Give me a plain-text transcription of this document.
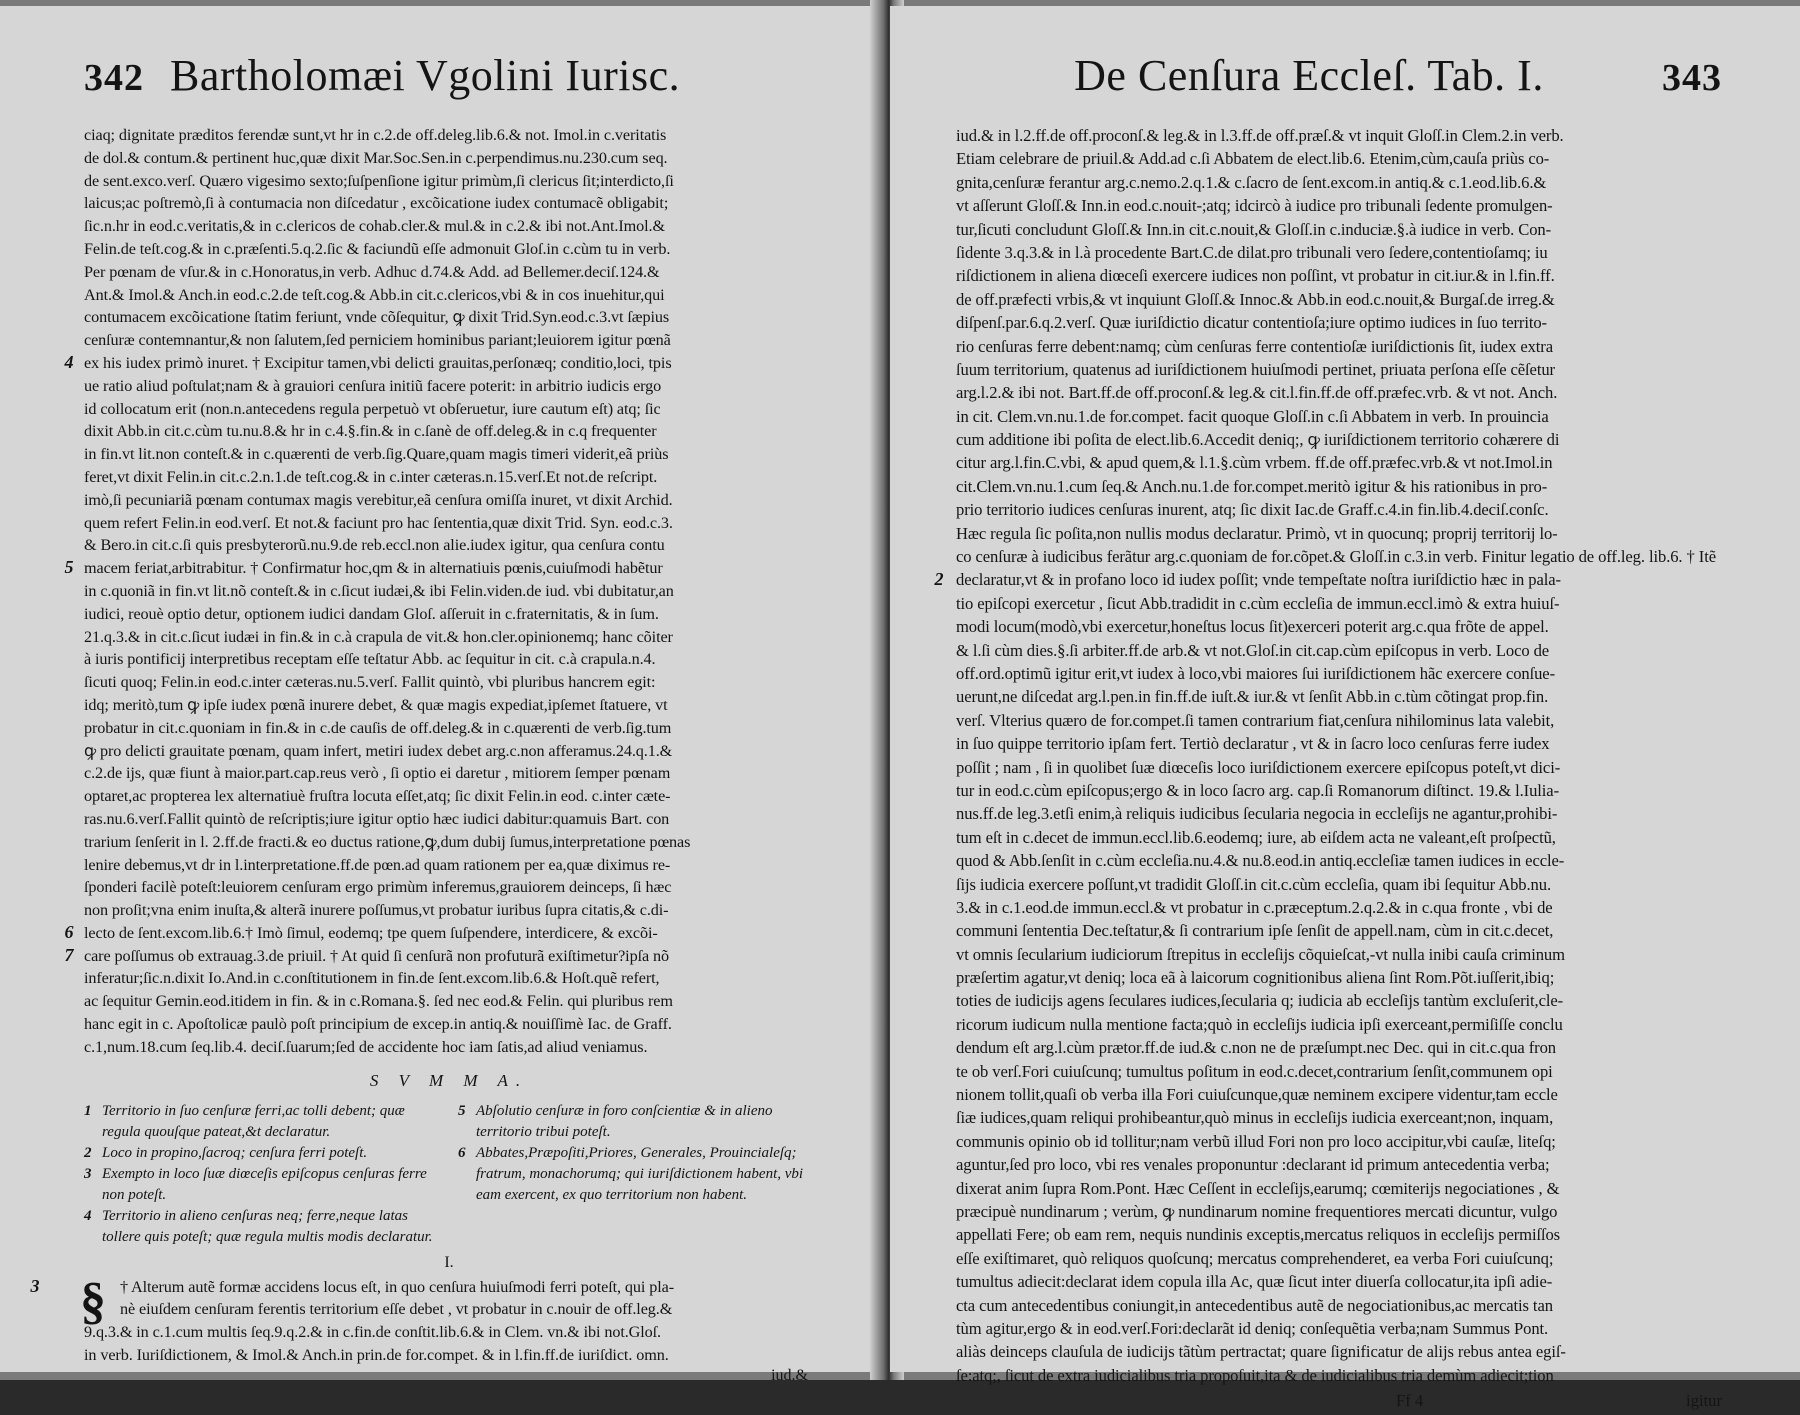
342 Bartholomæi Vgolini Iurisc.
ciaq; dignitate præditos ferendæ sunt,vt hr in c.2.de off.deleg.lib.6.& not. Imol.in c.veritatis
de dol.& contum.& pertinent huc,quæ dixit Mar.Soc.Sen.in c.perpendimus.nu.230.cum seq.
de sent.exco.verſ. Quæro vigesimo sexto;ſuſpenſione igitur primùm,ſi clericus ſit;interdicto,ſi
laicus;ac poſtremò,ſi à contumacia non diſcedatur , excõicatione iudex contumacẽ obligabit;
ſic.n.hr in eod.c.veritatis,& in c.clericos de cohab.cler.& mul.& in c.2.& ibi not.Ant.Imol.&
Felin.de teſt.cog.& in c.præſenti.5.q.2.ſic & faciundũ eſſe admonuit Gloſ.in c.cùm tu in verb.
Per pœnam de vſur.& in c.Honoratus,in verb. Adhuc d.74.& Add. ad Bellemer.deciſ.124.&
Ant.& Imol.& Anch.in eod.c.2.de teſt.cog.& Abb.in cit.c.clericos,vbi & in cos inuehitur,qui
contumacem excõicatione ſtatim feriunt, vnde cõſequitur, ꝙ dixit Trid.Syn.eod.c.3.vt ſæpius
cenſuræ contemnantur,& non ſalutem,ſed perniciem hominibus pariant;leuiorem igitur pœnã
ex his iudex primò inuret. † Excipitur tamen,vbi delicti grauitas,perſonæq; conditio,loci, tpis
ue ratio aliud poſtulat;nam & à grauiori cenſura initiũ facere poterit: in arbitrio iudicis ergo
id collocatum erit (non.n.antecedens regula perpetuò vt obſeruetur, iure cautum eſt) atq; ſic
dixit Abb.in cit.c.cùm tu.nu.8.& hr in c.4.§.fin.& in c.ſanè de off.deleg.& in c.q frequenter
in fin.vt lit.non conteſt.& in c.quærenti de verb.ſig.Quare,quam magis timeri viderit,eã priùs
feret,vt dixit Felin.in cit.c.2.n.1.de teſt.cog.& in c.inter cæteras.n.15.verſ.Et not.de reſcript.
imò,ſi pecuniariã pœnam contumax magis verebitur,eã cenſura omiſſa inuret, vt dixit Archid.
quem refert Felin.in eod.verſ. Et not.& faciunt pro hac ſententia,quæ dixit Trid. Syn. eod.c.3.
& Bero.in cit.c.ſi quis presbyterorũ.nu.9.de reb.eccl.non alie.iudex igitur, qua cenſura contu
macem feriat,arbitrabitur. † Confirmatur hoc,qm & in alternatiuis pœnis,cuiuſmodi habẽtur
in c.quoniã in fin.vt lit.nõ conteſt.& in c.ſicut iudæi,& ibi Felin.viden.de iud. vbi dubitatur,an
iudici, reouè optio detur, optionem iudici dandam Gloſ. aſſeruit in c.fraternitatis, & in ſum.
21.q.3.& in cit.c.ſicut iudæi in fin.& in c.à crapula de vit.& hon.cler.opinionemq; hanc cõiter
à iuris pontificij interpretibus receptam eſſe teſtatur Abb. ac ſequitur in cit. c.à crapula.n.4.
ſicuti quoq; Felin.in eod.c.inter cæteras.nu.5.verſ. Fallit quintò, vbi pluribus hancrem egit:
idq; meritò,tum ꝙ ipſe iudex pœnã inurere debet, & quæ magis expediat,ipſemet ſtatuere, vt
probatur in cit.c.quoniam in fin.& in c.de cauſis de off.deleg.& in c.quærenti de verb.ſig.tum
ꝙ pro delicti grauitate pœnam, quam infert, metiri iudex debet arg.c.non afferamus.24.q.1.&
c.2.de ijs, quæ fiunt à maior.part.cap.reus verò , ſi optio ei daretur , mitiorem ſemper pœnam
optaret,ac propterea lex alternatiuè fruſtra locuta eſſet,atq; ſic dixit Felin.in eod. c.inter cæte-
ras.nu.6.verſ.Fallit quintò de reſcriptis;iure igitur optio hæc iudici dabitur:quamuis Bart. con
trarium ſenſerit in l. 2.ff.de fracti.& eo ductus ratione,ꝙ,dum dubij ſumus,interpretatione pœnas
lenire debemus,vt dr in l.interpretatione.ff.de pœn.ad quam rationem per ea,quæ diximus re-
ſponderi facilè poteſt:leuiorem cenſuram ergo primùm inferemus,grauiorem deinceps, ſi hæc
non proſit;vna enim inuſta,& alterã inurere poſſumus,vt probatur iuribus ſupra citatis,& c.di-
lecto de ſent.excom.lib.6.† Imò ſimul, eodemq; tpe quem ſuſpendere, interdicere, & excõi-
care poſſumus ob extrauag.3.de priuil. † At quid ſi cenſurã non profuturã exiſtimetur?ipſa nõ
inferatur;ſic.n.dixit Io.And.in c.conſtitutionem in fin.de ſent.excom.lib.6.& Hoſt.quẽ refert,
ac ſequitur Gemin.eod.itidem in fin. & in c.Romana.§. ſed nec eod.& Felin. qui pluribus rem
hanc egit in c. Apoſtolicæ paulò poſt principium de excep.in antiq.& nouiſſimè Iac. de Graff.
c.1,num.18.cum ſeq.lib.4. deciſ.ſuarum;ſed de accidente hoc iam ſatis,ad aliud veniamus.
4
5
6
7
S V M M A.
1 Territorio in ſuo cenſuræ ferri,ac tolli debent; quæ regula quouſque pateat,&t declaratur.
2 Loco in propino,ſacroq; cenſura ferri poteſt.
3 Exempto in loco ſuæ diœceſis epiſcopus cenſuras ferre non poteſt.
4 Territorio in alieno cenſuras neq; ferre,neque latas tollere quis poteſt; quæ regula multis modis declaratur.
5 Abſolutio cenſuræ in foro conſcientiæ & in alieno territorio tribui poteſt.
6 Abbates,Præpoſiti,Priores, Generales, Prouincialeſq; fratrum, monachorumq; qui iuriſdictionem habent, vbi eam exercent, ex quo territorium non habent.
I.
3 § † Alterum autẽ formæ accidens locus eſt, in quo cenſura huiuſmodi ferri poteſt, qui pla-
nè eiuſdem cenſuram ferentis territorium eſſe debet , vt probatur in c.nouir de off.leg.&
9.q.3.& in c.1.cum multis ſeq.9.q.2.& in c.fin.de conſtit.lib.6.& in Clem. vn.& ibi not.Gloſ.
in verb. Iuriſdictionem, & Imol.& Anch.in prin.de for.compet. & in l.fin.ff.de iuriſdict. omn.
iud.&
De Cenſura Eccleſ. Tab. I.	343
iud.& in l.2.ff.de off.proconſ.& leg.& in l.3.ff.de off.præſ.& vt inquit Gloſſ.in Clem.2.in verb.
Etiam celebrare de priuil.& Add.ad c.ſi Abbatem de elect.lib.6. Etenim,cùm,cauſa priùs co-
gnita,cenſuræ ferantur arg.c.nemo.2.q.1.& c.ſacro de ſent.excom.in antiq.& c.1.eod.lib.6.&
vt aſſerunt Gloſſ.& Inn.in eod.c.nouit-;atq; idcircò à iudice pro tribunali ſedente promulgen-
tur,ſicuti concludunt Gloſſ.& Inn.in cit.c.nouit,& Gloſſ.in c.induciæ.§.à iudice in verb. Con-
ſidente 3.q.3.& in l.à procedente Bart.C.de dilat.pro tribunali vero ſedere,contentioſamq; iu
riſdictionem in aliena diœceſi exercere iudices non poſſint, vt probatur in cit.iur.& in l.fin.ff.
de off.præfecti vrbis,& vt inquiunt Gloſſ.& Innoc.& Abb.in eod.c.nouit,& Burgaſ.de irreg.&
diſpenſ.par.6.q.2.verſ. Quæ iuriſdictio dicatur contentioſa;iure optimo iudices in ſuo territo-
rio cenſuras ferre debent:namq; cùm cenſuras ferre contentioſæ iuriſdictionis ſit, iudex extra
ſuum territorium, quatenus ad iuriſdictionem huiuſmodi pertinet, priuata perſona eſſe cẽſetur
arg.l.2.& ibi not. Bart.ff.de off.proconſ.& leg.& cit.l.fin.ff.de off.præfec.vrb. & vt not. Anch.
in cit. Clem.vn.nu.1.de for.compet. facit quoque Gloſſ.in c.ſi Abbatem in verb. In prouincia
cum additione ibi poſita de elect.lib.6.Accedit deniq;, ꝙ iuriſdictionem territorio cohærere di
citur arg.l.fin.C.vbi, & apud quem,& l.1.§.cùm vrbem. ff.de off.præfec.vrb.& vt not.Imol.in
cit.Clem.vn.nu.1.cum ſeq.& Anch.nu.1.de for.compet.meritò igitur & his rationibus in pro-
prio territorio iudices cenſuras inurent, atq; ſic dixit Iac.de Graff.c.4.in fin.lib.4.deciſ.conſc.
Hæc regula ſic poſita,non nullis modus declaratur. Primò, vt in quocunq; proprij territorij lo-
co cenſuræ à iudicibus ferãtur arg.c.quoniam de for.cõpet.& Gloſſ.in c.3.in verb. Finitur legatio de off.leg. lib.6. † Itẽ
declaratur,vt & in profano loco id iudex poſſit; vnde tempeſtate noſtra iuriſdictio hæc in pala-
tio epiſcopi exercetur , ſicut Abb.tradidit in c.cùm eccleſia de immun.eccl.imò & extra huiuſ-
modi locum(modò,vbi exercetur,honeſtus locus ſit)exerceri poterit arg.c.qua frõte de appel.
& l.ſi cùm dies.§.ſi arbiter.ff.de arb.& vt not.Gloſ.in cit.cap.cùm epiſcopus in verb. Loco de
off.ord.optimũ igitur erit,vt iudex à loco,vbi maiores ſui iuriſdictionem hãc exercere conſue-
uerunt,ne diſcedat arg.l.pen.in fin.ff.de iuſt.& iur.& vt ſenſit Abb.in c.tùm cõtingat prop.fin.
verſ. Vlterius quæro de for.compet.ſi tamen contrarium fiat,cenſura nihilominus lata valebit,
in ſuo quippe territorio ipſam fert. Tertiò declaratur , vt & in ſacro loco cenſuras ferre iudex
poſſit ; nam , ſi in quolibet ſuæ diœceſis loco iuriſdictionem exercere epiſcopus poteſt,vt dici-
tur in eod.c.cùm epiſcopus;ergo & in loco ſacro arg. cap.ſi Romanorum diſtinct. 19.& l.Iulia-
nus.ff.de leg.3.etſi enim,à reliquis iudicibus ſecularia negocia in eccleſijs ne agantur,prohibi-
tum eſt in c.decet de immun.eccl.lib.6.eodemq; iure, ab eiſdem acta ne valeant,eſt proſpectũ,
quod & Abb.ſenſit in c.cùm eccleſia.nu.4.& nu.8.eod.in antiq.eccleſiæ tamen iudices in eccle-
ſijs iudicia exercere poſſunt,vt tradidit Gloſſ.in cit.c.cùm eccleſia, quam ibi ſequitur Abb.nu.
3.& in c.1.eod.de immun.eccl.& vt probatur in c.præceptum.2.q.2.& in c.qua fronte , vbi de
communi ſententia Dec.teſtatur,& ſi contrarium ipſe ſenſit de appell.nam, cùm in cit.c.decet,
vt omnis ſecularium iudiciorum ſtrepitus in eccleſijs cõquieſcat,-vt nulla inibi cauſa criminum
præſertim agatur,vt deniq; loca eã à laicorum cognitionibus aliena ſint Rom.Põt.iuſſerit,ibiq;
toties de iudicijs agens ſeculares iudices,ſecularia q; iudicia ab eccleſijs tantùm excluſerit,cle-
ricorum iudicum nulla mentione facta;quò in eccleſijs iudicia ipſi exerceant,permiſiſſe conclu
dendum eſt arg.l.cùm prætor.ff.de iud.& c.non ne de præſumpt.nec Dec. qui in cit.c.qua fron
te ob verſ.Fori cuiuſcunq; tumultus poſitum in eod.c.decet,contrarium ſenſit,communem opi
nionem tollit,quaſi ob verba illa Fori cuiuſcunque,quæ neminem excipere videntur,tam eccle
ſiæ iudices,quam reliqui prohibeantur,quò minus in eccleſijs iudicia exerceant;non, inquam,
communis opinio ob id tollitur;nam verbũ illud Fori non pro loco accipitur,vbi cauſæ, liteſq;
aguntur,ſed pro loco, vbi res venales proponuntur :declarant id primum antecedentia verba;
dixerat anim ſupra Rom.Pont. Hæc Ceſſent in eccleſijs,earumq; cœmiterijs negociationes , &
præcipuè nundinarum ; verùm, ꝙ nundinarum nomine frequentiores mercati dicuntur, vulgo
appellati Fere; ob eam rem, nequis nundinis exceptis,mercatus reliquos in eccleſijs permiſſos
eſſe exiſtimaret, quò reliquos quoſcunq; mercatus comprehenderet, ea verba Fori cuiuſcunq;
tumultus adiecit:declarat idem copula illa Ac, quæ ſicut inter diuerſa collocatur,ita ipſi adie-
cta cum antecedentibus coniungit,in antecedentibus autẽ de negociationibus,ac mercatis tan
tùm agitur,ergo & in eod.verſ.Fori:declarãt id deniq; conſequẽtia verba;nam Summus Pont.
aliàs deinceps clauſula de iudicijs tãtùm pertractat; quare ſignificatur de alijs rebus antea egiſ-
ſe:atq;, ſicut de extra iudicialibus tria propoſuit,ita & de iudicialibus tria demùm adiecit;tion
2
Ff 4	igitur
